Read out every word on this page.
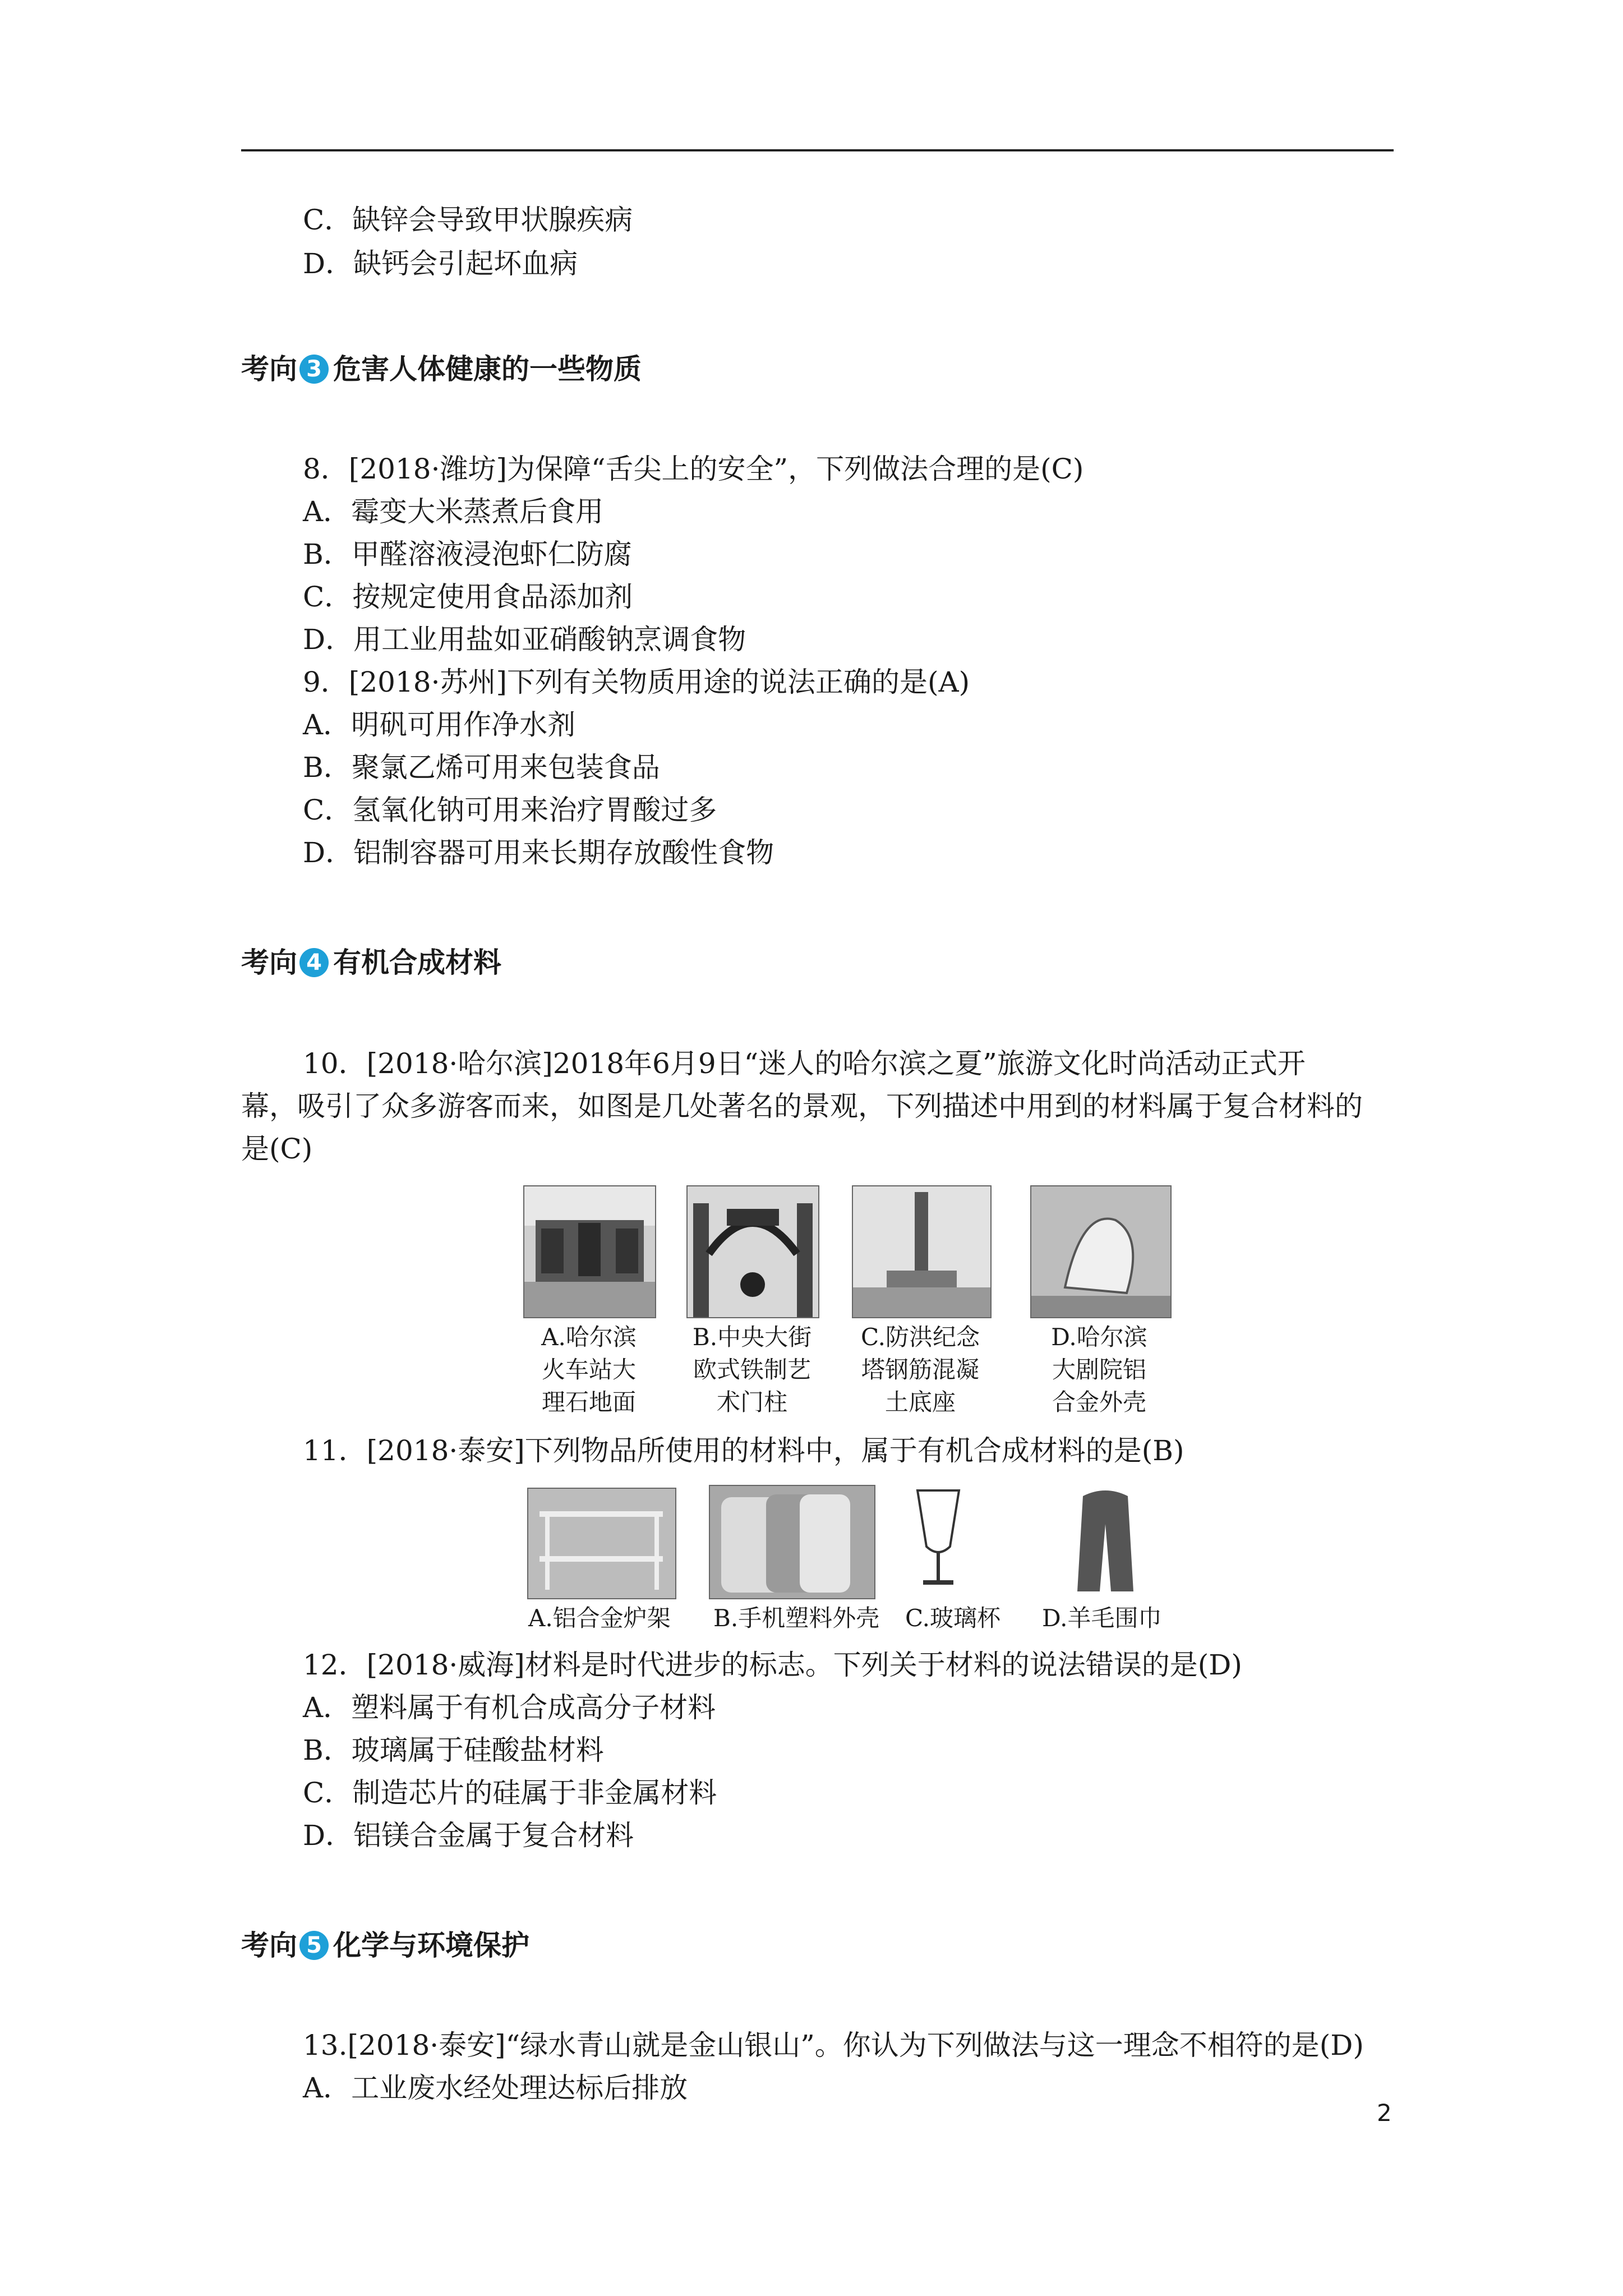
C．缺锌会导致甲状腺疾病
D．缺钙会引起坏血病
考向 3 危害人体健康的一些物质
8．[2018·潍坊]为保障“舌尖上的安全”，下列做法合理的是(C)
A．霉变大米蒸煮后食用
B．甲醛溶液浸泡虾仁防腐
C．按规定使用食品添加剂
D．用工业用盐如亚硝酸钠烹调食物
9．[2018·苏州]下列有关物质用途的说法正确的是(A)
A．明矾可用作净水剂
B．聚氯乙烯可用来包装食品
C．氢氧化钠可用来治疗胃酸过多
D．铝制容器可用来长期存放酸性食物
考向 4 有机合成材料
10．[2018·哈尔滨]2018年6月9日“迷人的哈尔滨之夏”旅游文化时尚活动正式开
幕，吸引了众多游客而来，如图是几处著名的景观，下列描述中用到的材料属于复合材料的
是(C)
A.哈尔滨
火车站大
理石地面
B.中央大街
欧式铁制艺
术门柱
C.防洪纪念
塔钢筋混凝
土底座
D.哈尔滨
大剧院铝
合金外壳
11．[2018·泰安]下列物品所使用的材料中，属于有机合成材料的是(B)
A.铝合金炉架 B.手机塑料外壳 C.玻璃杯 D.羊毛围巾
12．[2018·威海]材料是时代进步的标志。下列关于材料的说法错误的是(D)
A．塑料属于有机合成高分子材料
B．玻璃属于硅酸盐材料
C．制造芯片的硅属于非金属材料
D．铝镁合金属于复合材料
考向 5 化学与环境保护
13.[2018·泰安]“绿水青山就是金山银山”。你认为下列做法与这一理念不相符的是(D)
A．工业废水经处理达标后排放
2
